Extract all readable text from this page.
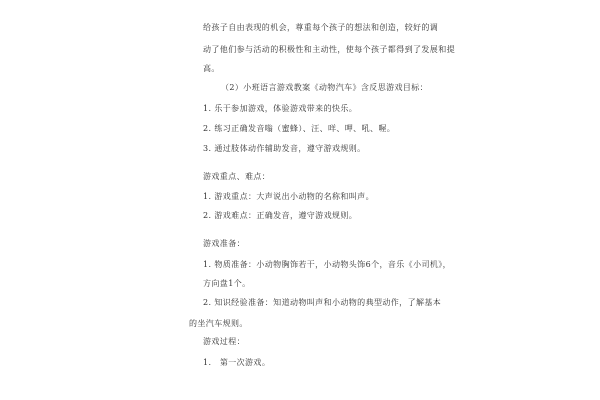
给孩子自由表现的机会，尊重每个孩子的想法和创造，较好的调
动了他们参与活动的积极性和主动性，使每个孩子都得到了发展和提
高。
（2）小班语言游戏教案《动物汽车》含反思游戏目标：
1. 乐于参加游戏，体验游戏带来的快乐。
2. 练习正确发音嗡（蜜蜂）、汪、咩、呷、吼、喔。
3. 通过肢体动作辅助发音，遵守游戏规则。
游戏重点、难点：
1. 游戏重点：大声说出小动物的名称和叫声。
2. 游戏难点：正确发音，遵守游戏规则。
游戏准备：
1. 物质准备：小动物胸饰若干，小动物头饰6个，音乐《小司机》，
方向盘1个。
2. 知识经验准备：知道动物叫声和小动物的典型动作，了解基本
的坐汽车规则。
游戏过程：
1.　第一次游戏。
